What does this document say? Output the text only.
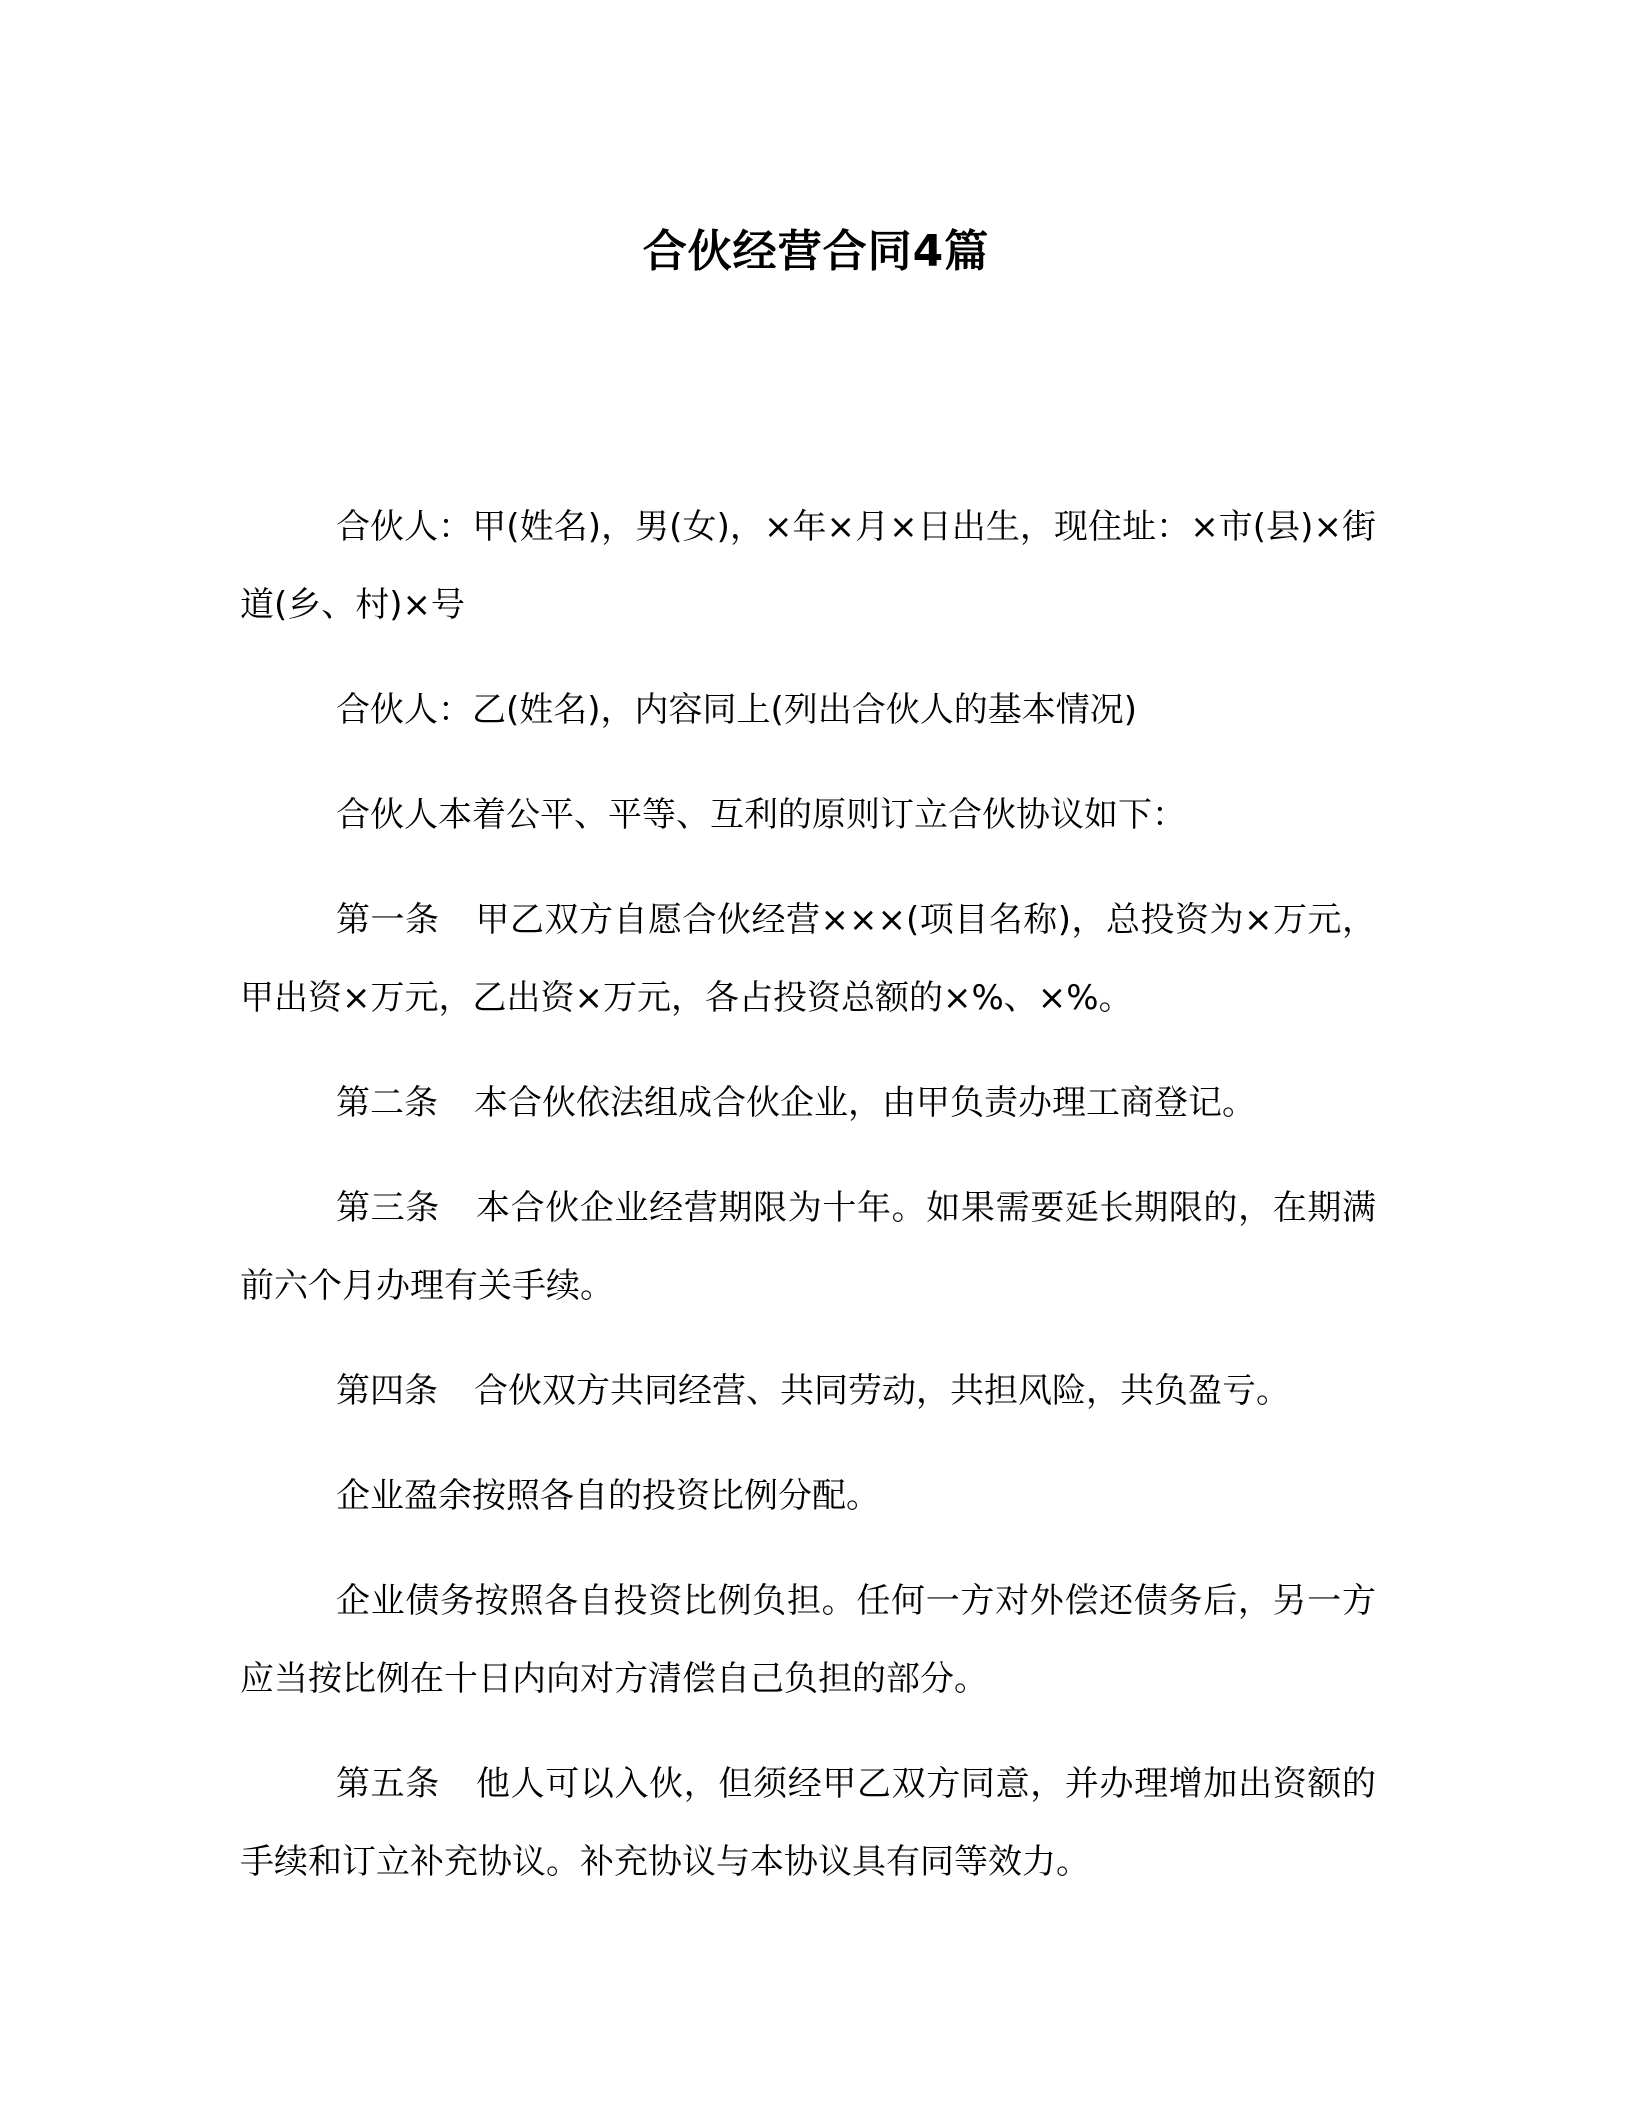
合伙经营合同4篇

合伙人：甲(姓名)，男(女)，×年×月×日出生，现住址：×市(县)×街道(乡、村)×号

合伙人：乙(姓名)，内容同上(列出合伙人的基本情况)

合伙人本着公平、平等、互利的原则订立合伙协议如下：

第一条 甲乙双方自愿合伙经营×××(项目名称)，总投资为×万元，甲出资×万元，乙出资×万元，各占投资总额的×%、×%。

第二条 本合伙依法组成合伙企业，由甲负责办理工商登记。

第三条 本合伙企业经营期限为十年。如果需要延长期限的，在期满前六个月办理有关手续。

第四条 合伙双方共同经营、共同劳动，共担风险，共负盈亏。

企业盈余按照各自的投资比例分配。

企业债务按照各自投资比例负担。任何一方对外偿还债务后，另一方应当按比例在十日内向对方清偿自己负担的部分。

第五条 他人可以入伙，但须经甲乙双方同意，并办理增加出资额的手续和订立补充协议。补充协议与本协议具有同等效力。
